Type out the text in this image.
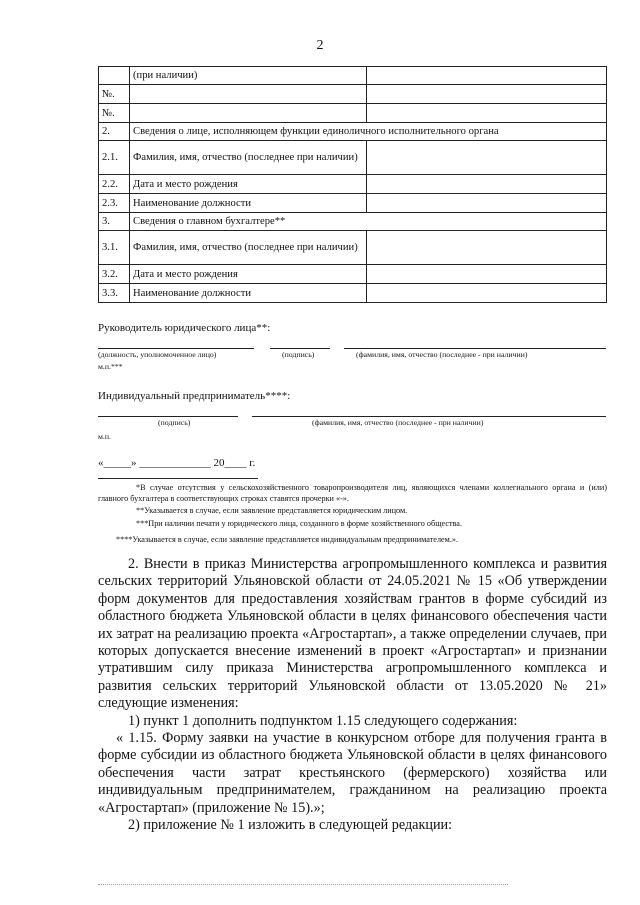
2
	(при наличии)	
№.		
№.		
2.	Сведения о лице, исполняющем функции единоличного исполнительного органа	
2.1.	Фамилия, имя, отчество (последнее при наличии)	
2.2.	Дата и место рождения	
2.3.	Наименование должности	
3.	Сведения о главном бухгалтере**	
3.1.	Фамилия, имя, отчество (последнее при наличии)	
3.2.	Дата и место рождения	
3.3.	Наименование должности	
Руководитель юридического лица**:
(должность, уполномоченное лицо)	(подпись)	(фамилия, имя, отчество (последнее - при наличии)
м.п.***
Индивидуальный предприниматель****:
(подпись)	(фамилия, имя, отчество (последнее - при наличии)
м.п.
«_____» _____________ 20____ г.
*В случае отсутствия у сельскохозяйственного товаропроизводителя лиц, являющихся членами коллегиального органа и (или) главного бухгалтера в соответствующих строках ставятся прочерки «-».
**Указывается в случае, если заявление представляется юридическим лицом.
***При наличии печати у юридического лица, созданного в форме хозяйственного общества.
****Указывается в случае, если заявление представляется индивидуальным предпринимателем.».

2. Внести в приказ Министерства агропромышленного комплекса и развития сельских территорий Ульяновской области от 24.05.2021 № 15 «Об утверждении форм документов для предоставления хозяйствам грантов в форме субсидий из областного бюджета Ульяновской области в целях финансового обеспечения части их затрат на реализацию проекта «Агростартап», а также определении случаев, при которых допускается внесение изменений в проект «Агростартап» и признании утратившим силу приказа Министерства агропромышленного комплекса и развития сельских территорий Ульяновской области от 13.05.2020 № 21» следующие изменения:

1) пункт 1 дополнить подпунктом 1.15 следующего содержания:

« 1.15. Форму заявки на участие в конкурсном отборе для получения гранта в форме субсидии из областного бюджета Ульяновской области в целях финансового обеспечения части затрат крестьянского (фермерского) хозяйства или индивидуальным предпринимателем, гражданином на реализацию проекта «Агростартап» (приложение № 15).»;

2) приложение № 1 изложить в следующей редакции:
